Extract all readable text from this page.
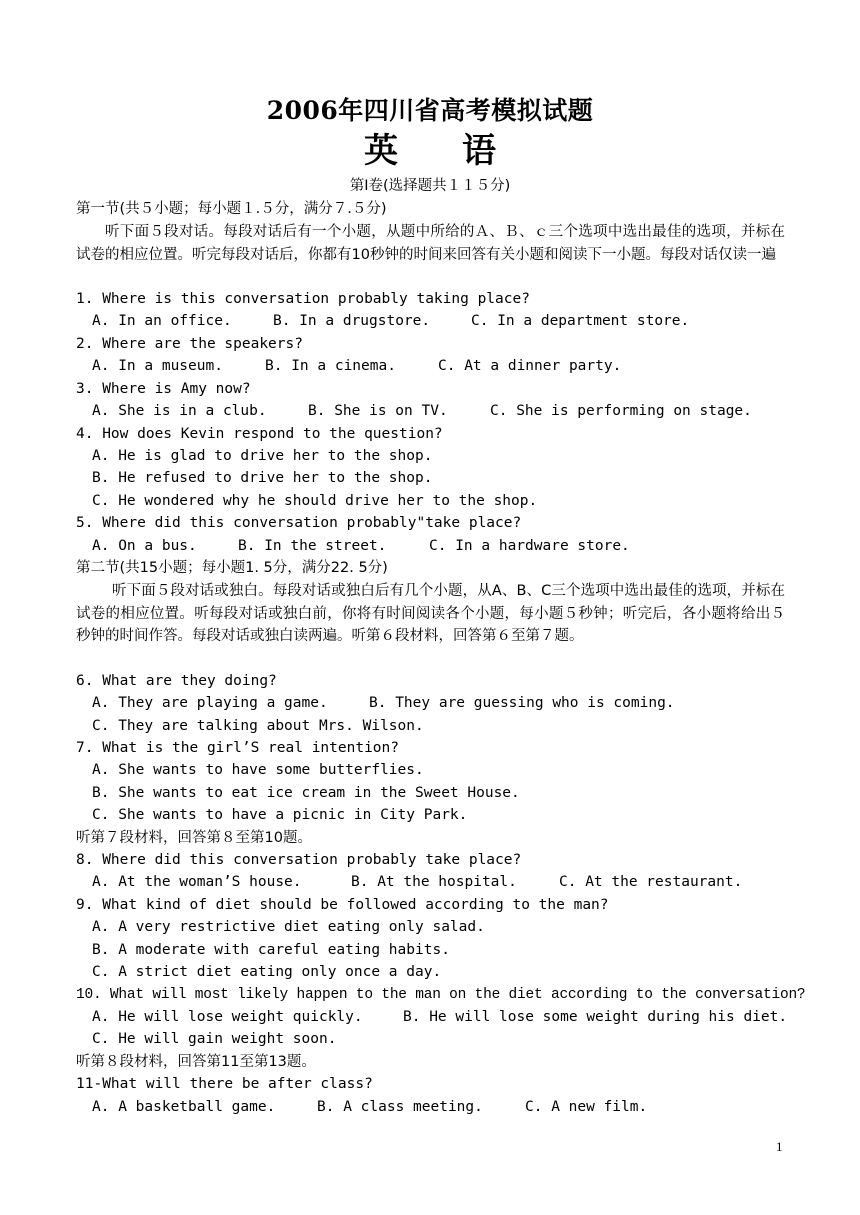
2006年四川省高考模拟试题
英 语
第Ⅰ卷(选择题共１１５分)
第一节(共５小题；每小题１.５分，满分７.５分)
听下面５段对话。每段对话后有一个小题，从题中所给的Ａ、Ｂ、ｃ三个选项中选出最佳的选项，并标在试卷的相应位置。听完每段对话后，你都有10秒钟的时间来回答有关小题和阅读下一小题。每段对话仅读一遍
1. Where is this conversation probably taking place?
A. In an office.	B. In a drugstore.	C. In a department store.
2. Where are the speakers?
A. In a museum.	B. In a cinema.	C. At a dinner party.
3. Where is Amy now?
A. She is in a club.	B. She is on TV.	C. She is performing on stage.
4. How does Kevin respond to the question?
A. He is glad to drive her to the shop.
B. He refused to drive her to the shop.
C. He wondered why he should drive her to the shop.
5. Where did this conversation probably"take place?
A. On a bus.	B. In the street.	C. In a hardware store.
第二节(共15小题；每小题1. 5分，满分22. 5分)
听下面５段对话或独白。每段对话或独白后有几个小题，从A、B、C三个选项中选出最佳的选项，并标在试卷的相应位置。听每段对话或独白前，你将有时间阅读各个小题，每小题５秒钟；听完后，各小题将给出５秒钟的时间作答。每段对话或独白读两遍。听第６段材料，回答第６至第７题。
6. What are they doing?
A. They are playing a game.	B. They are guessing who is coming.
C. They are talking about Mrs. Wilson.
7. What is the girl’S real intention?
A. She wants to have some butterflies.
B. She wants to eat ice cream in the Sweet House.
C. She wants to have a picnic in City Park.
听第７段材料，回答第８至第10题。
8. Where did this conversation probably take place?
A. At the woman’S house.	B. At the hospital.	C. At the restaurant.
9. What kind of diet should be followed according to the man?
A. A very restrictive diet eating only salad.
B. A moderate with careful eating habits.
C. A strict diet eating only once a day.
10. What will most likely happen to the man on the diet according to the conversation?
A. He will lose weight quickly.	B. He will lose some weight during his diet.
C. He will gain weight soon.
听第８段材料，回答第11至第13题。
11-What will there be after class?
A. A basketball game.	B. A class meeting.	C. A new film.
1
